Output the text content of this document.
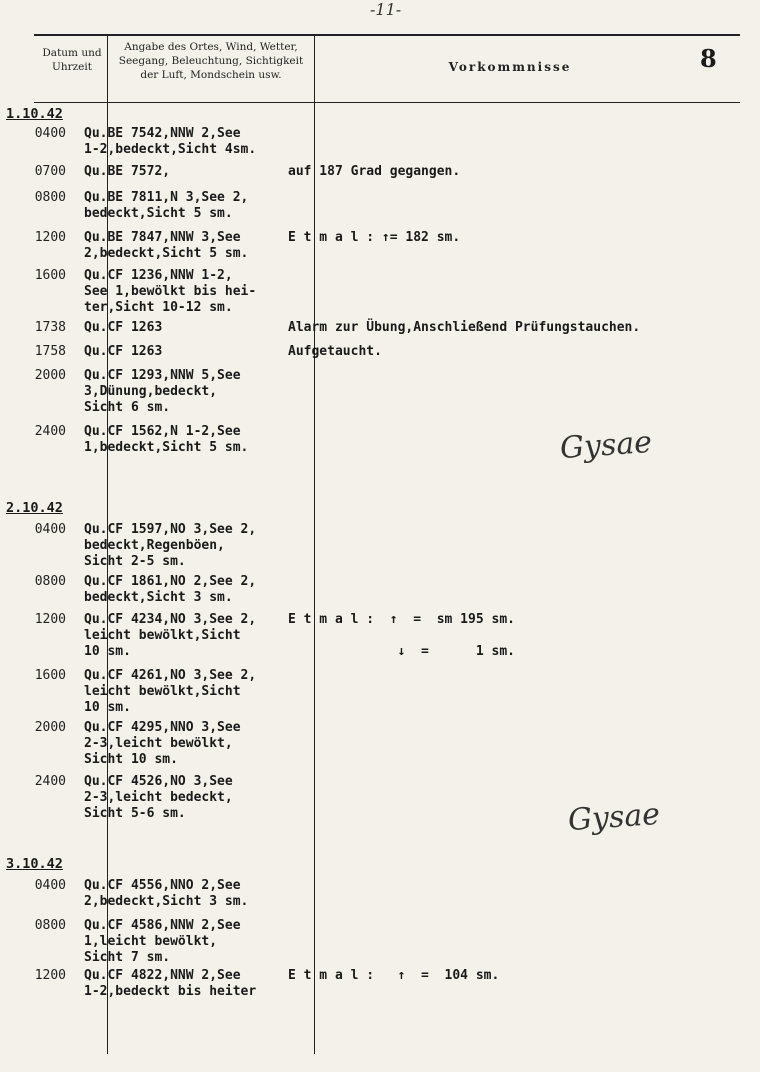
-11-
Datum und Uhrzeit
Angabe des Ortes, Wind, Wetter, Seegang, Beleuchtung, Sichtigkeit der Luft, Mondschein usw.
Vorkommnisse	8
1.10.42
0400 Qu.BE 7542,NNW 2,See
1-2,bedeckt,Sicht 4sm.
0700 Qu.BE 7572,	auf 187 Grad gegangen.
0800 Qu.BE 7811,N 3,See 2,
bedeckt,Sicht 5 sm.
1200 Qu.BE 7847,NNW 3,See
2,bedeckt,Sicht 5 sm.
E t m a l : ↑= 182 sm.
1600 Qu.CF 1236,NNW 1-2,
See 1,bewölkt bis hei-
ter,Sicht 10-12 sm.
1738 Qu.CF 1263	Alarm zur Übung,Anschließend Prüfungstauchen.
1758 Qu.CF 1263	Aufgetaucht.
2000 Qu.CF 1293,NNW 5,See
3,Dünung,bedeckt,
Sicht 6 sm.
2400 Qu.CF 1562,N 1-2,See
1,bedeckt,Sicht 5 sm.	Gysae
2.10.42
0400 Qu.CF 1597,NO 3,See 2,
bedeckt,Regenböen,
Sicht 2-5 sm.
0800 Qu.CF 1861,NO 2,See 2,
bedeckt,Sicht 3 sm.
1200 Qu.CF 4234,NO 3,See 2,
leicht bewölkt,Sicht
10 sm.
E t m a l :  ↑  =  sm 195 sm.

↓  =      1 sm.
1600 Qu.CF 4261,NO 3,See 2,
leicht bewölkt,Sicht
10 sm.
2000 Qu.CF 4295,NNO 3,See
2-3,leicht bewölkt,
Sicht 10 sm.
2400 Qu.CF 4526,NO 3,See
2-3,leicht bedeckt,
Sicht 5-6 sm.	Gysae
3.10.42
0400 Qu.CF 4556,NNO 2,See
2,bedeckt,Sicht 3 sm.
0800 Qu.CF 4586,NNW 2,See
1,leicht bewölkt,
Sicht 7 sm.
1200 Qu.CF 4822,NNW 2,See
1-2,bedeckt bis heiter
E t m a l :   ↑  =  104 sm.
